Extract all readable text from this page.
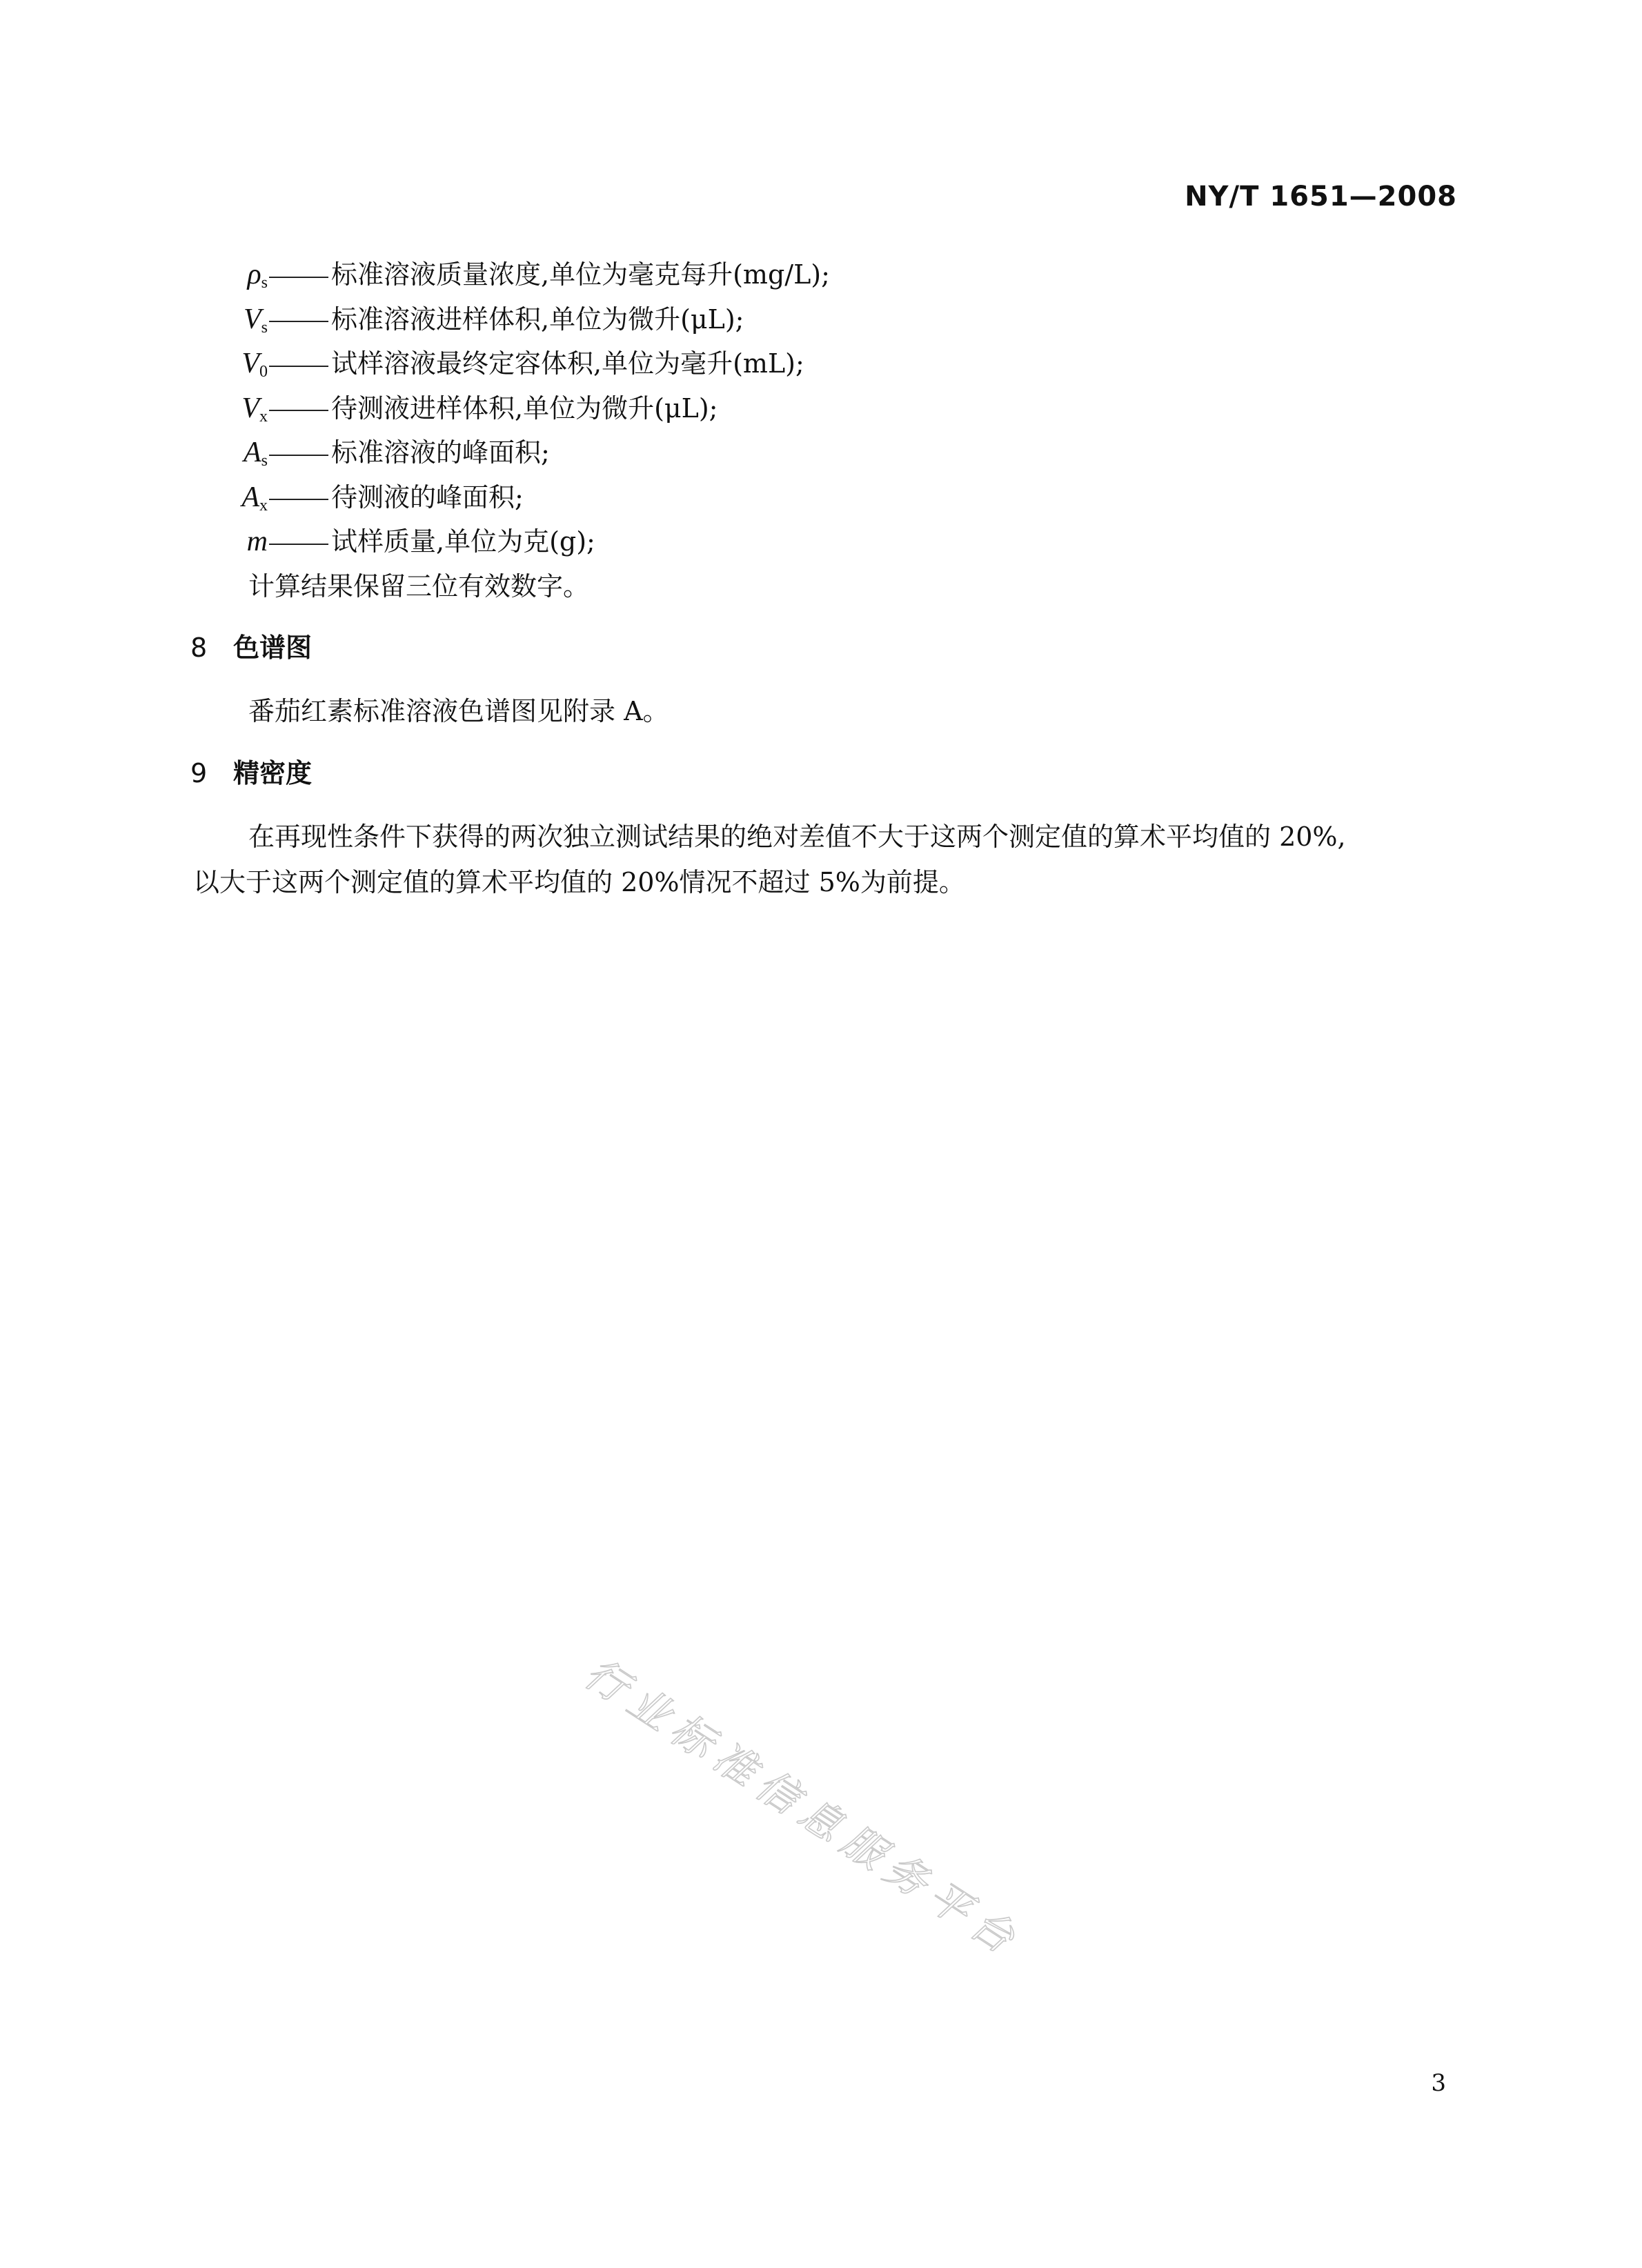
NY/T 1651—2008
$\rho_s$ 标准溶液质量浓度,单位为毫克每升(mg/L);
$V_s$ 标准溶液进样体积,单位为微升(μL);
$V_0$ 试样溶液最终定容体积,单位为毫升(mL);
$V_x$ 待测液进样体积,单位为微升(μL);
$A_s$ 标准溶液的峰面积;
$A_x$ 待测液的峰面积;
m 试样质量,单位为克(g);
计算结果保留三位有效数字。
8 色谱图
番茄红素标准溶液色谱图见附录 A。
9 精密度
在再现性条件下获得的两次独立测试结果的绝对差值不大于这两个测定值的算术平均值的 20%,
以大于这两个测定值的算术平均值的 20%情况不超过 5%为前提。
行业标准信息服务平台
3
